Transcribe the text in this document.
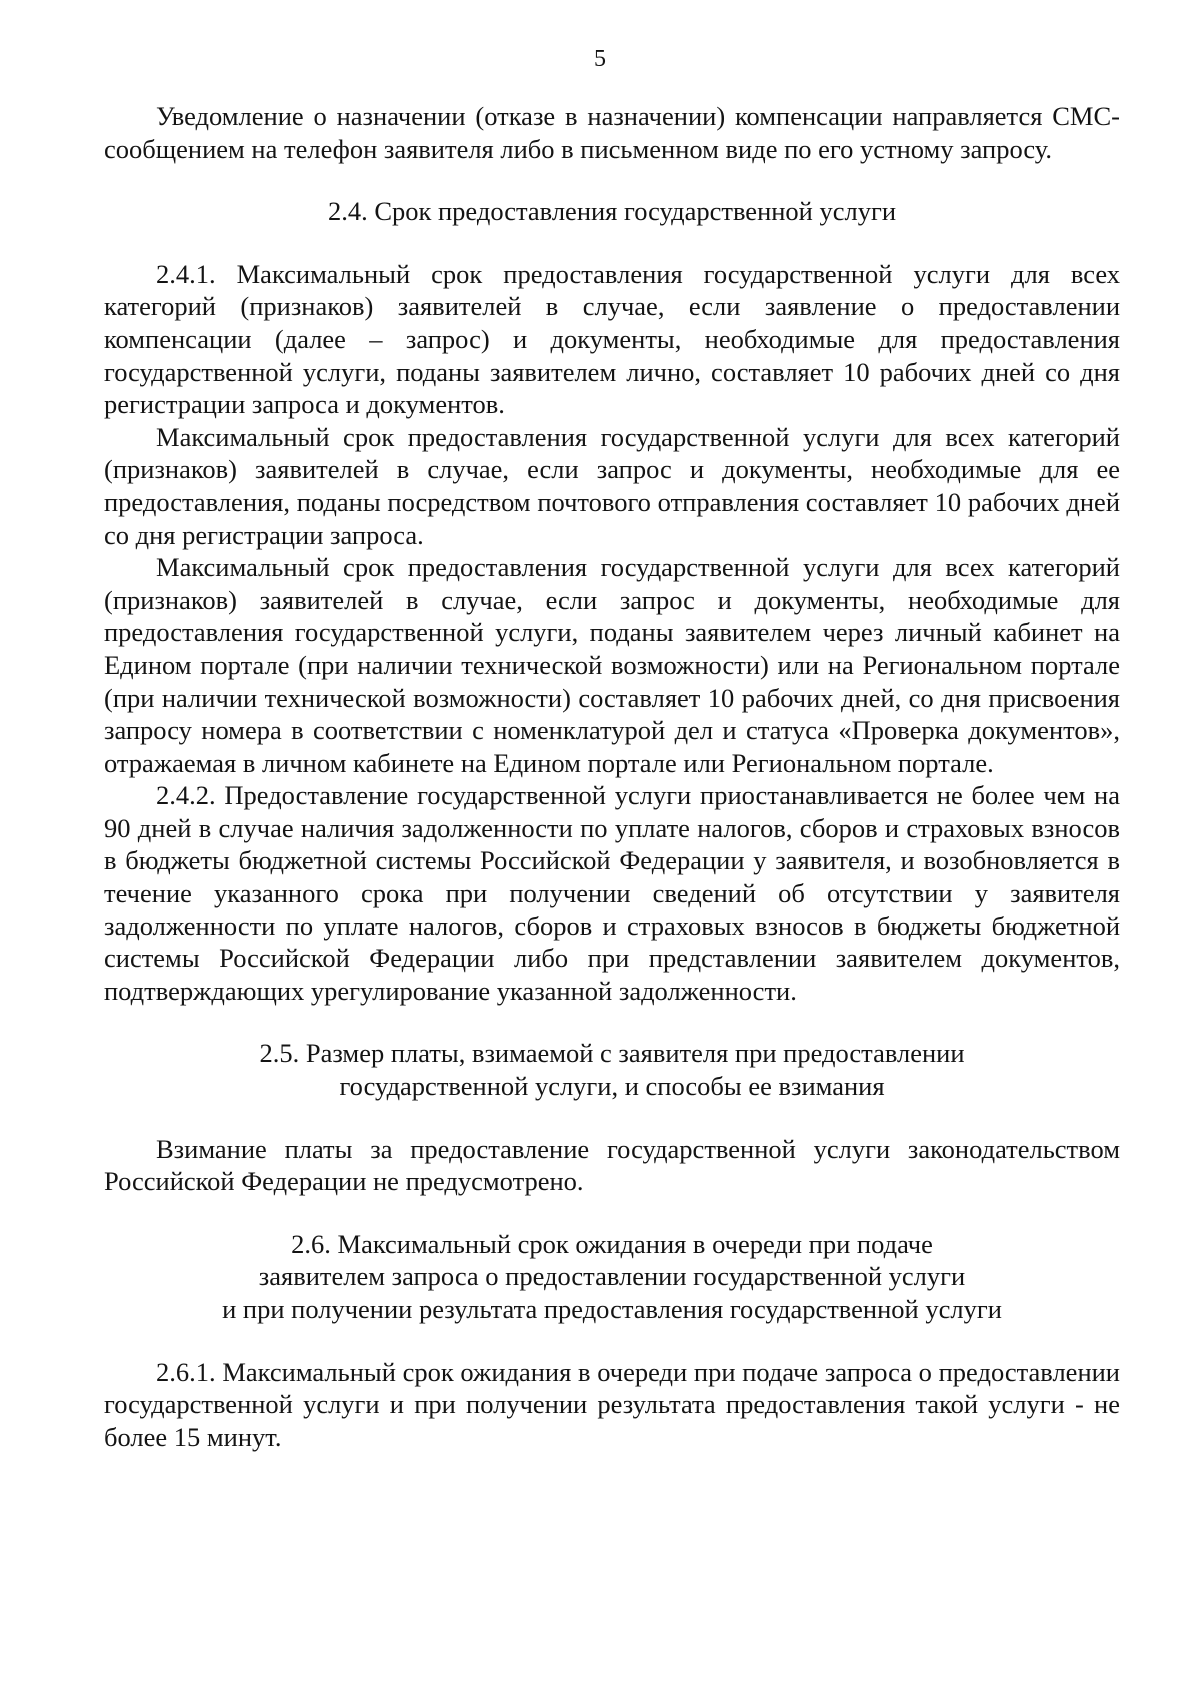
5

Уведомление о назначении (отказе в назначении) компенсации направляется СМС-сообщением на телефон заявителя либо в письменном виде по его устному запросу.

2.4. Срок предоставления государственной услуги

2.4.1. Максимальный срок предоставления государственной услуги для всех категорий (признаков) заявителей в случае, если заявление о предоставлении компенсации (далее – запрос) и документы, необходимые для предоставления государственной услуги, поданы заявителем лично, составляет 10 рабочих дней со дня регистрации запроса и документов.

Максимальный срок предоставления государственной услуги для всех категорий (признаков) заявителей в случае, если запрос и документы, необходимые для ее предоставления, поданы посредством почтового отправления составляет 10 рабочих дней со дня регистрации запроса.

Максимальный срок предоставления государственной услуги для всех категорий (признаков) заявителей в случае, если запрос и документы, необходимые для предоставления государственной услуги, поданы заявителем через личный кабинет на Едином портале (при наличии технической возможности) или на Региональном портале (при наличии технической возможности) составляет 10 рабочих дней, со дня присвоения запросу номера в соответствии с номенклатурой дел и статуса «Проверка документов», отражаемая в личном кабинете на Едином портале или Региональном портале.

2.4.2. Предоставление государственной услуги приостанавливается не более чем на 90 дней в случае наличия задолженности по уплате налогов, сборов и страховых взносов в бюджеты бюджетной системы Российской Федерации у заявителя, и возобновляется в течение указанного срока при получении сведений об отсутствии у заявителя задолженности по уплате налогов, сборов и страховых взносов в бюджеты бюджетной системы Российской Федерации либо при представлении заявителем документов, подтверждающих урегулирование указанной задолженности.

2.5. Размер платы, взимаемой с заявителя при предоставлении
государственной услуги, и способы ее взимания

Взимание платы за предоставление государственной услуги законодательством Российской Федерации не предусмотрено.

2.6. Максимальный срок ожидания в очереди при подаче
заявителем запроса о предоставлении государственной услуги
и при получении результата предоставления государственной услуги

2.6.1. Максимальный срок ожидания в очереди при подаче запроса о предоставлении государственной услуги и при получении результата предоставления такой услуги - не более 15 минут.
